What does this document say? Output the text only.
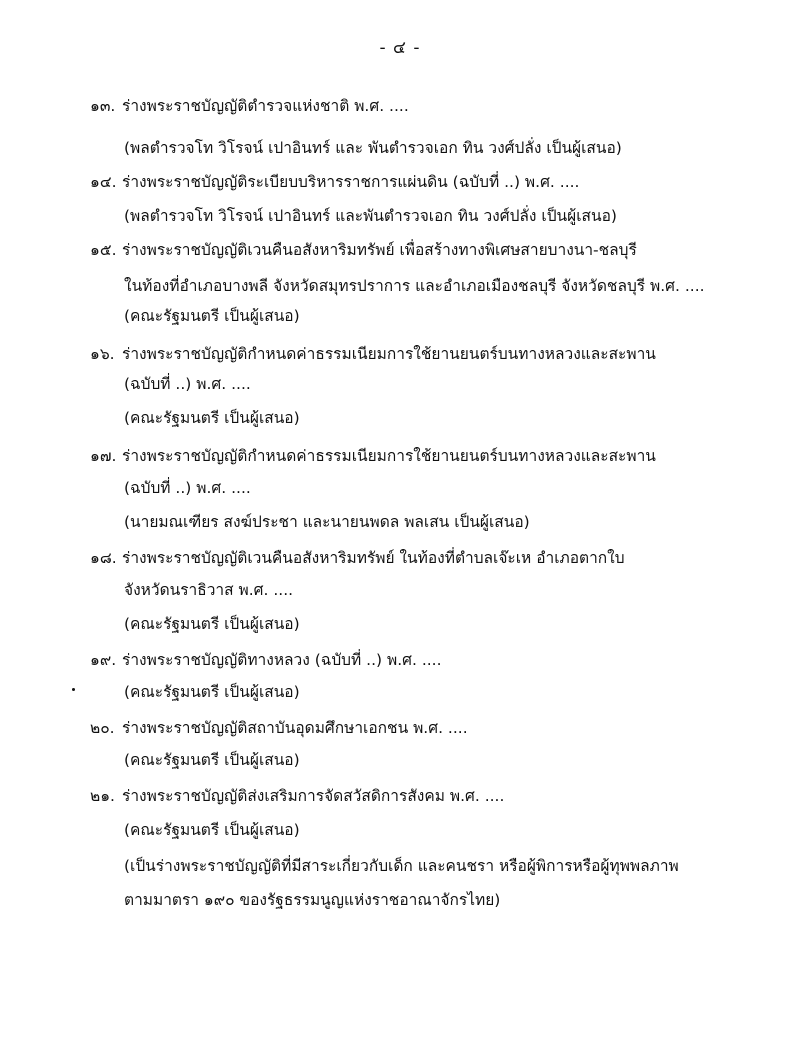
- ๔ -
๑๓. ร่างพระราชบัญญัติตำรวจแห่งชาติ พ.ศ. ....
(พลตำรวจโท วิโรจน์ เปาอินทร์ และ พันตำรวจเอก ทิน วงศ์ปลั่ง เป็นผู้เสนอ)
๑๔. ร่างพระราชบัญญัติระเบียบบริหารราชการแผ่นดิน (ฉบับที่ ..) พ.ศ. ....
(พลตำรวจโท วิโรจน์ เปาอินทร์ และพันตำรวจเอก ทิน วงศ์ปลั่ง เป็นผู้เสนอ)
๑๕. ร่างพระราชบัญญัติเวนคืนอสังหาริมทรัพย์ เพื่อสร้างทางพิเศษสายบางนา-ชลบุรี
ในท้องที่อำเภอบางพลี จังหวัดสมุทรปราการ และอำเภอเมืองชลบุรี จังหวัดชลบุรี พ.ศ. ....
(คณะรัฐมนตรี เป็นผู้เสนอ)
๑๖. ร่างพระราชบัญญัติกำหนดค่าธรรมเนียมการใช้ยานยนตร์บนทางหลวงและสะพาน
(ฉบับที่ ..) พ.ศ. ....
(คณะรัฐมนตรี เป็นผู้เสนอ)
๑๗. ร่างพระราชบัญญัติกำหนดค่าธรรมเนียมการใช้ยานยนตร์บนทางหลวงและสะพาน
(ฉบับที่ ..) พ.ศ. ....
(นายมณเฑียร สงฆ์ประชา และนายนพดล พลเสน เป็นผู้เสนอ)
๑๘. ร่างพระราชบัญญัติเวนคืนอสังหาริมทรัพย์ ในท้องที่ตำบลเจ๊ะเห อำเภอตากใบ
จังหวัดนราธิวาส พ.ศ. ....
(คณะรัฐมนตรี เป็นผู้เสนอ)
๑๙. ร่างพระราชบัญญัติทางหลวง (ฉบับที่ ..) พ.ศ. ....
(คณะรัฐมนตรี เป็นผู้เสนอ)
๒๐. ร่างพระราชบัญญัติสถาบันอุดมศึกษาเอกชน พ.ศ. ....
(คณะรัฐมนตรี เป็นผู้เสนอ)
๒๑. ร่างพระราชบัญญัติส่งเสริมการจัดสวัสดิการสังคม พ.ศ. ....
(คณะรัฐมนตรี เป็นผู้เสนอ)
(เป็นร่างพระราชบัญญัติที่มีสาระเกี่ยวกับเด็ก และคนชรา หรือผู้พิการหรือผู้ทุพพลภาพ
ตามมาตรา ๑๙๐ ของรัฐธรรมนูญแห่งราชอาณาจักรไทย)
